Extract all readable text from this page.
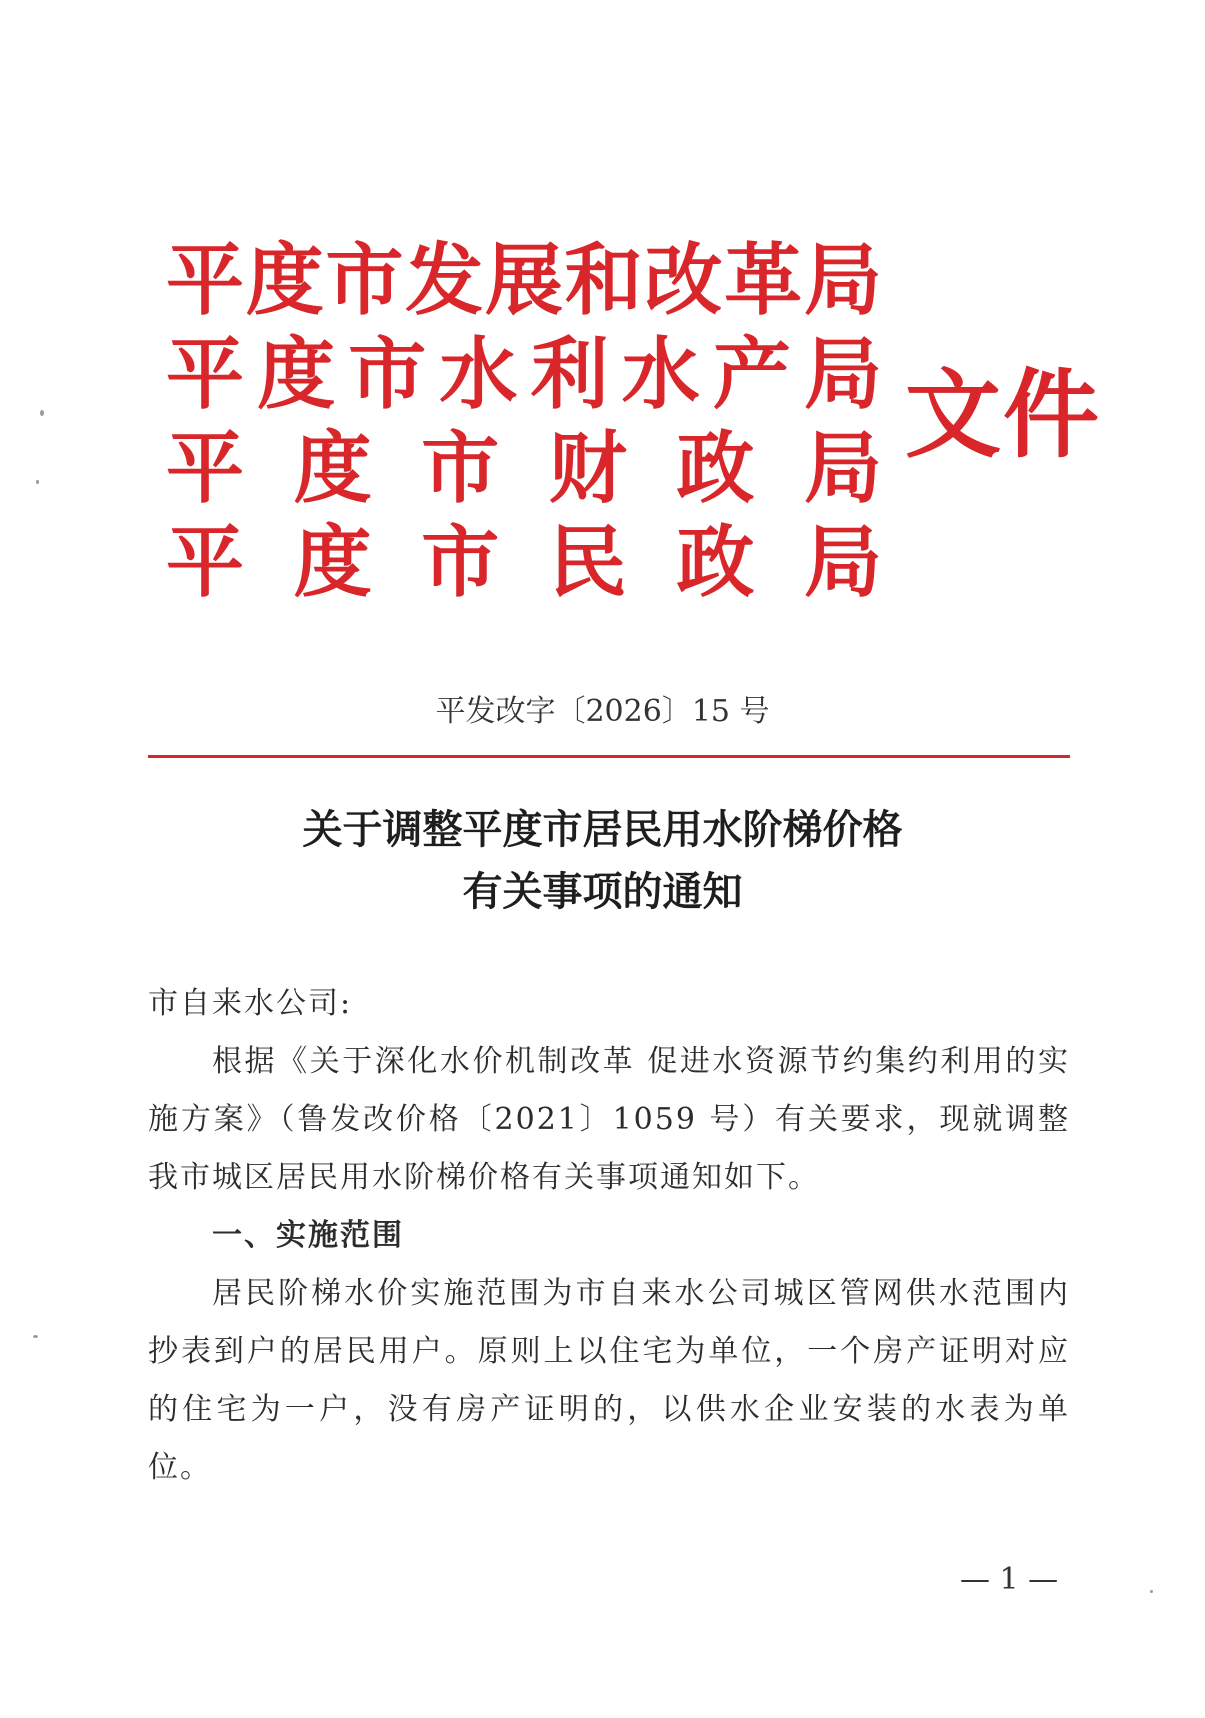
平 度 市 发 展 和 改 革 局
平 度 市 水 利 水 产 局
平 度 市 财 政 局
平 度 市 民 政 局
文件
平发改字〔2026〕15 号
关于调整平度市居民用水阶梯价格
有关事项的通知

市自来水公司:

根据《关于深化水价机制改革 促进水资源节约集约利用的实施方案》（鲁发改价格〔2021〕1059 号）有关要求，现就调整我市城区居民用水阶梯价格有关事项通知如下。

一、实施范围

居民阶梯水价实施范围为市自来水公司城区管网供水范围内抄表到户的居民用户。原则上以住宅为单位，一个房产证明对应的住宅为一户，没有房产证明的，以供水企业安装的水表为单位。

— 1 —
